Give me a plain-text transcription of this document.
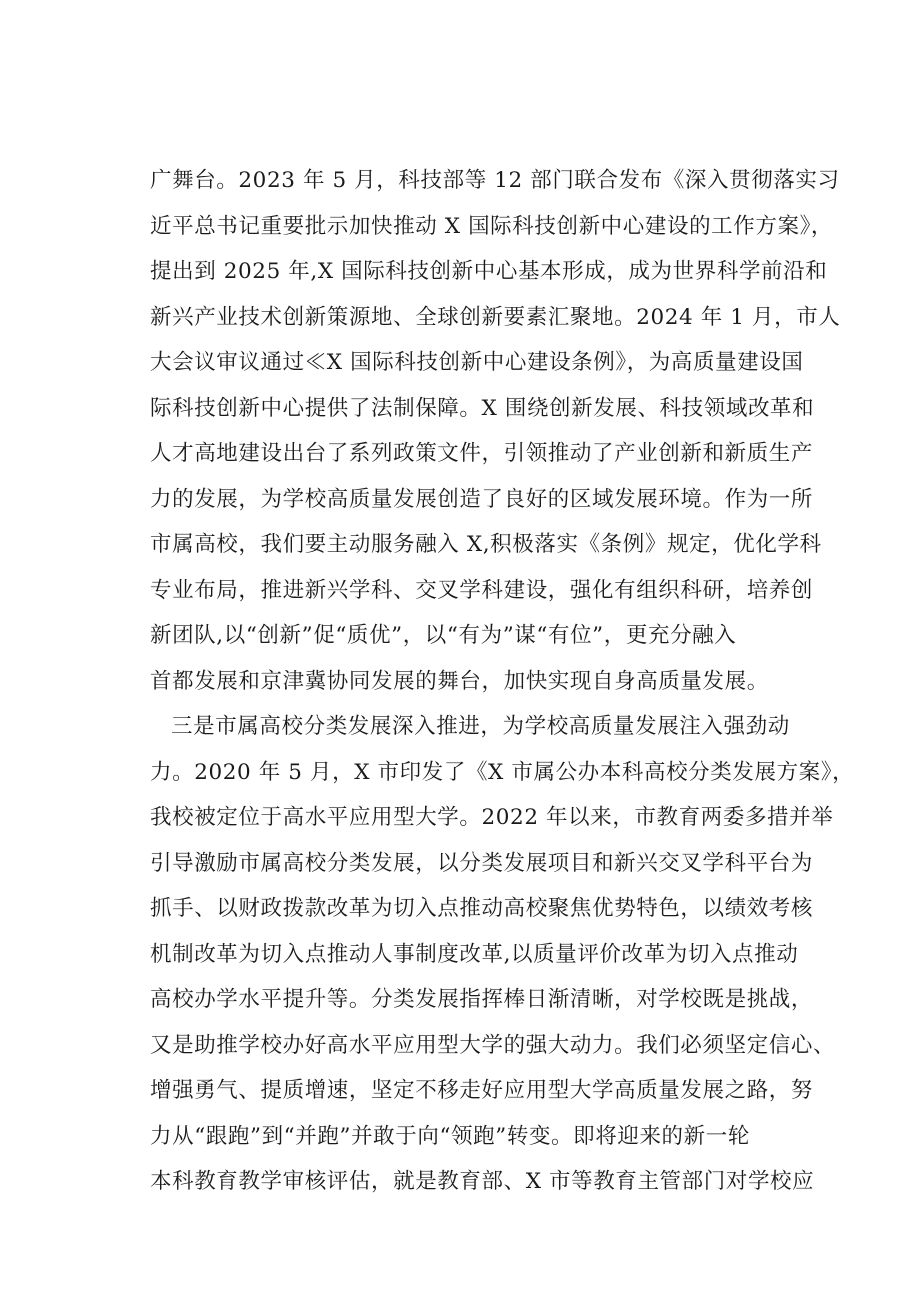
广舞台。2023 年 5 月，科技部等 12 部门联合发布《深入贯彻落实习
近平总书记重要批示加快推动 X 国际科技创新中心建设的工作方案》，
提出到 2025 年,X 国际科技创新中心基本形成，成为世界科学前沿和
新兴产业技术创新策源地、全球创新要素汇聚地。2024 年 1 月，市人
大会议审议通过≪X 国际科技创新中心建设条例》，为高质量建设国
际科技创新中心提供了法制保障。X 围绕创新发展、科技领域改革和
人才高地建设出台了系列政策文件，引领推动了产业创新和新质生产
力的发展，为学校高质量发展创造了良好的区域发展环境。作为一所
市属高校，我们要主动服务融入 X,积极落实《条例》规定，优化学科
专业布局，推进新兴学科、交叉学科建设，强化有组织科研，培养创
新团队,以“创新”促“质优”，以“有为”谋“有位”，更充分融入
首都发展和京津冀协同发展的舞台，加快实现自身高质量发展。
三是市属高校分类发展深入推进，为学校高质量发展注入强劲动
力。2020 年 5 月，X 市印发了《X 市属公办本科高校分类发展方案》，
我校被定位于高水平应用型大学。2022 年以来，市教育两委多措并举
引导激励市属高校分类发展，以分类发展项目和新兴交叉学科平台为
抓手、以财政拨款改革为切入点推动高校聚焦优势特色，以绩效考核
机制改革为切入点推动人事制度改革,以质量评价改革为切入点推动
高校办学水平提升等。分类发展指挥棒日渐清晰，对学校既是挑战，
又是助推学校办好高水平应用型大学的强大动力。我们必须坚定信心、
增强勇气、提质增速，坚定不移走好应用型大学高质量发展之路，努
力从“跟跑”到“并跑”并敢于向“领跑”转变。即将迎来的新一轮
本科教育教学审核评估，就是教育部、X 市等教育主管部门对学校应
